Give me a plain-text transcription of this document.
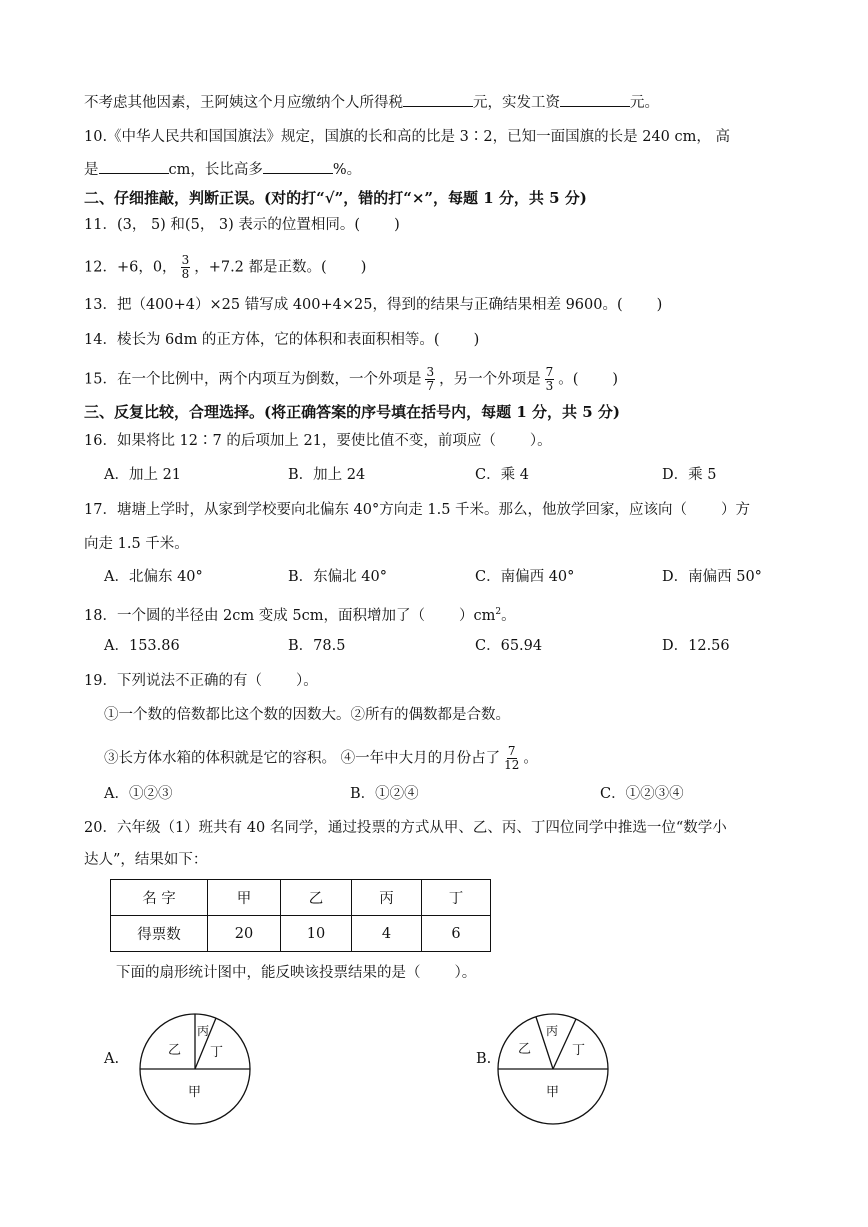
不考虑其他因素，王阿姨这个月应缴纳个人所得税	元，实发工资	元。
10.《中华人民共和国国旗法》规定，国旗的长和高的比是 3∶2，已知一面国旗的长是 240 cm， 高
是	cm，长比高多	%。
二、仔细推敲，判断正误。(对的打“√”，错的打“×”，每题 1 分，共 5 分)
11．(3， 5) 和(5， 3) 表示的位置相同。( )
12．+6，0， $\frac{3}{8}$ ，+7.2 都是正数。( )
13．把（400+4）×25 错写成 400+4×25，得到的结果与正确结果相差 9600。( )
14．棱长为 6dm 的正方体，它的体积和表面积相等。( )
15．在一个比例中，两个内项互为倒数，一个外项是 $\frac{3}{7}$ ，另一个外项是 $\frac{7}{3}$ 。( )
三、反复比较，合理选择。(将正确答案的序号填在括号内，每题 1 分，共 5 分)
16．如果将比 12∶7 的后项加上 21，要使比值不变，前项应（ ）。
A．加上 21	B．加上 24	C．乘 4	D．乘 5
17．塘塘上学时，从家到学校要向北偏东 40°方向走 1.5 千米。那么，他放学回家，应该向（ ）方
向走 1.5 千米。
A．北偏东 40°	B．东偏北 40°	C．南偏西 40°	D．南偏西 50°
18．一个圆的半径由 2cm 变成 5cm，面积增加了（ ）$cm^2$。
A．153.86	B．78.5	C．65.94	D．12.56
19．下列说法不正确的有（ ）。
①一个数的倍数都比这个数的因数大。②所有的偶数都是合数。
③长方体水箱的体积就是它的容积。 ④一年中大月的月份占了 $\frac{7}{12}$ 。
A．①②③	B．①②④	C．①②③④
20．六年级（1）班共有 40 名同学，通过投票的方式从甲、乙、丙、丁四位同学中推选一位“数学小
达人”，结果如下：
名 字	甲	乙	丙	丁
得票数	20	10	4	6
下面的扇形统计图中，能反映该投票结果的是（ ）。
A.
乙
丙
丁
甲
B.
乙
丙
丁
甲
